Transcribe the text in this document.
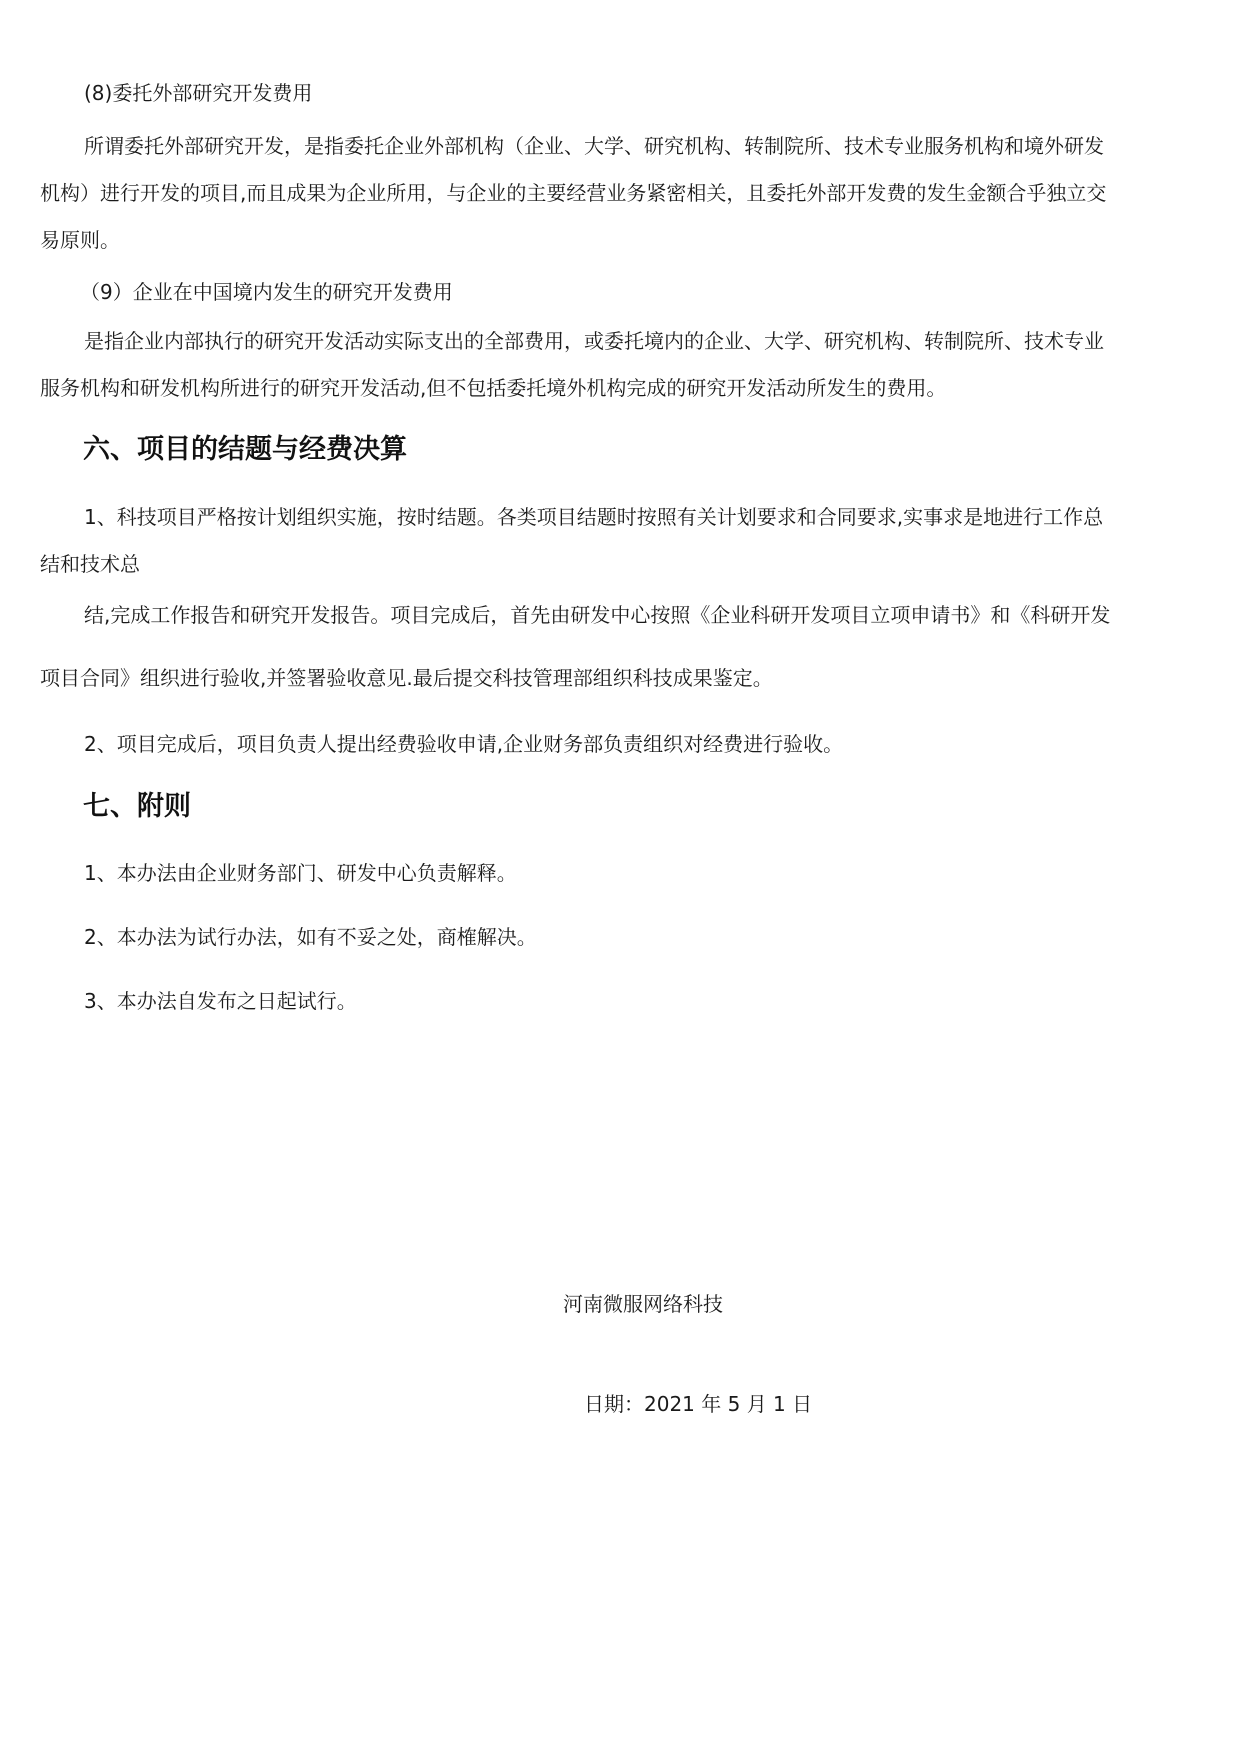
(8)委托外部研究开发费用

所谓委托外部研究开发，是指委托企业外部机构（企业、大学、研究机构、转制院所、技术专业服务机构和境外研发

机构）进行开发的项目,而且成果为企业所用，与企业的主要经营业务紧密相关，且委托外部开发费的发生金额合乎独立交

易原则。

（9）企业在中国境内发生的研究开发费用

是指企业内部执行的研究开发活动实际支出的全部费用，或委托境内的企业、大学、研究机构、转制院所、技术专业

服务机构和研发机构所进行的研究开发活动,但不包括委托境外机构完成的研究开发活动所发生的费用。

六、项目的结题与经费决算

1、科技项目严格按计划组织实施，按时结题。各类项目结题时按照有关计划要求和合同要求,实事求是地进行工作总

结和技术总

结,完成工作报告和研究开发报告。项目完成后，首先由研发中心按照《企业科研开发项目立项申请书》和《科研开发

项目合同》组织进行验收,并签署验收意见.最后提交科技管理部组织科技成果鉴定。

2、项目完成后，项目负责人提出经费验收申请,企业财务部负责组织对经费进行验收。

七、附则

1、本办法由企业财务部门、研发中心负责解释。

2、本办法为试行办法，如有不妥之处，商榷解决。

3、本办法自发布之日起试行。

河南微服网络科技

日期：2021 年 5 月 1 日
